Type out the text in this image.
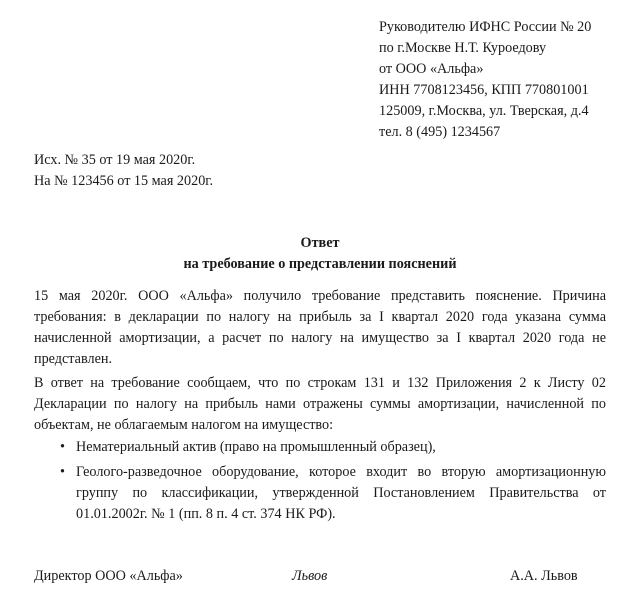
Руководителю ИФНС России № 20
по г.Москве Н.Т. Куроедову
от ООО «Альфа»
ИНН 7708123456, КПП 770801001
125009, г.Москва, ул. Тверская, д.4
тел. 8 (495) 1234567
Исх. № 35 от 19 мая 2020г.
На № 123456 от 15 мая 2020г.
Ответ
на требование о представлении пояснений
15 мая 2020г. ООО «Альфа» получило требование представить пояснение. Причина требования: в декларации по налогу на прибыль за I квартал 2020 года указана сумма начисленной амортизации, а расчет по налогу на имущество за I квартал 2020 года не представлен.
В ответ на требование сообщаем, что по строкам 131 и 132 Приложения 2 к Листу 02 Декларации по налогу на прибыль нами отражены суммы амортизации, начисленной по объектам, не облагаемым налогом на имущество:
• Нематериальный актив (право на промышленный образец),
• Геолого-разведочное оборудование, которое входит во вторую амортизационную группу по классификации, утвержденной Постановлением Правительства от 01.01.2002г. № 1 (пп. 8 п. 4 ст. 374 НК РФ).
Директор ООО «Альфа»	Львов	А.А. Львов
